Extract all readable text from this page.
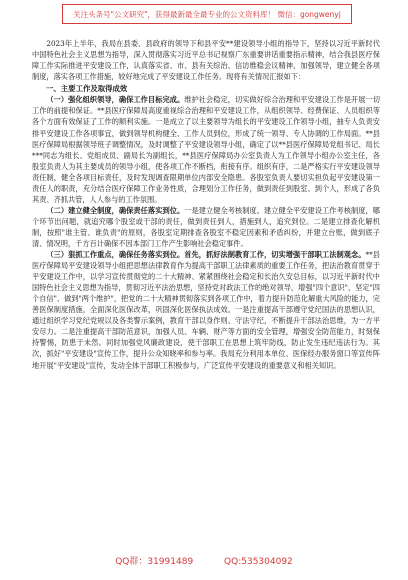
关注头条号"公文研究"，获得最新最全最专业的公文资料库！ 微信：gongwenyj

2023年上半年，我局在县委、县政府的领导下和县平安**建设领导小组的指导下，坚持以习近平新时代中国特色社会主义思想为指导，深入贯彻落实习近平总书记视察广东重要讲话重要指示精神，结合我县医疗保障工作实际推进平安建设工作，认真落实省、市、县有关综治、信访维稳会议精神，加强领导，建立健全各项制度，落实各项工作措施，较好地完成了平安建设工作任务。现将有关情况汇报如下：

一、主要工作及取得成效

（一）强化组织领导，确保工作目标完成。维护社会稳定，切实做好综合治理和平安建设工作是开展一切工作的前提和保证。**县医疗保障局高度重视综合治理和平安建设工作，从组织领导、经费保证、人员组织等各个方面有效保证了工作的顺利实施。一是成立了以主要领导为组长的平安建设工作领导小组，抽专人负责安排平安建设工作各项事宜，做到领导机构健全、工作人员到位，形成了统一领导、专人协调的工作局面。**县医疗保障局根据领导班子调整情况，及时调整了平安建设领导小组，确定了以**县医疗保障局党组书记、局长***同志为组长、党组成员、副局长为副组长，**县医疗保障局办公室负责人为工作领导小组办公室主任，各股室负责人为其主要成员的领导小组，使各项工作不断档，衔接有序。组织有序，二是严格实行平安建设领导责任制，健全各项目标责任，及时发现调查限期单位内部安全隐患。各股室负责人要切实担负起平安建设第一责任人的职责，充分结合医疗保障工作业务性质，合理划分工作任务，做到责任到股室、到个人，形成了各负其责、齐抓共管，人人参与的工作氛围。

（二）建立健全制度，确保责任落实到位。一是建立健全考核制度。建立健全平安建设工作考核制度，哪个环节出问题，就追究哪个股室或干部的责任，做到责任到人，措施到人，追究到位。二是建立排查化解机制，按照"谁主管、谁负责"的原则，各股室定期排查各股室不稳定因素和矛盾纠纷，并建立台账，做到底子清、情况明，千方百计确保不因本部门工作产生影响社会稳定事件。

（三）狠抓工作重点，确保任务落实到位。首先，抓好法制教育工作，切实增强干部职工法制观念。**县医疗保障局平安建设领导小组把思想法律教育作为提高干部职工法律素质的重要工作任务，把法治教育贯穿于平安建设工作中，以学习宣传贯彻党的二十大精神、紧紧围绕社会稳定和长治久安总目标，以习近平新时代中国特色社会主义思想为指导，贯彻习近平法治思想，坚持党对政法工作的绝对领导，增强"四个意识"、坚定"四个自信"、做到"两个维护"，把党的二十大精神贯彻落实到各项工作中，着力提升防范化解重大风险的能力，完善医保制度措施，全面深化医保改革，巩固深化医保执法成效。一是注重提高干部遵守党纪国法的思想认识，通过组织学习党纪党规以及各类警示案例，教育干部以身作则、守法守纪，不断提升干部法治思维，为一方平安尽力。二是注重提高干部防范意识，加强人员、车辆、财产等方面的安全管理，增强安全防范能力，时刻保持警惕，防患于未然。同时加强党风廉政建设，使干部职工在思想上筑牢防线，防止发生违纪违法行为。其次，抓好"平安建设"宣传工作，提升公众知晓率和参与率。我局充分利用本单位、医保经办服务窗口等宣传阵地开展"平安建设"宣传，发动全体干部职工积极参与，广泛宣传平安建设的重要意义和相关知识。

QQ群：31991489	QQ:535304092
